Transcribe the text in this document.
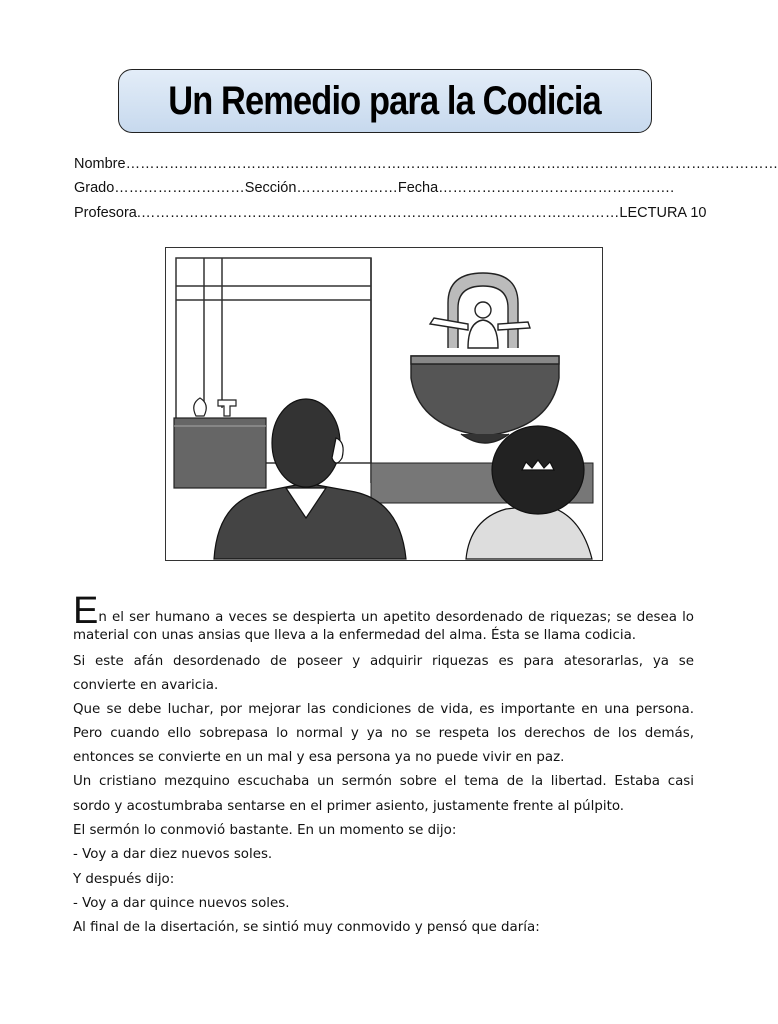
Un Remedio para la Codicia
Nombre………………………………………………………………………………………………………………………
Grado………………………Sección…………………Fecha………………………………………….
Profesora.……………………………………………………………………………………… LECTURA 10
En el ser humano a veces se despierta un apetito desordenado de riquezas; se desea lo
material con unas ansias que lleva a la enfermedad del alma. Ésta se llama codicia.
Si este afán desordenado de poseer y adquirir riquezas es para atesorarlas, ya se
convierte en avaricia.
Que se debe luchar, por mejorar las condiciones de vida, es importante en una persona.
Pero cuando ello sobrepasa lo normal y ya no se respeta los derechos de los demás,
entonces se convierte en un mal y esa persona ya no puede vivir en paz.
Un cristiano mezquino escuchaba un sermón sobre el tema de la libertad. Estaba casi
sordo y acostumbraba sentarse en el primer asiento, justamente frente al púlpito.
El sermón lo conmovió bastante. En un momento se dijo:
- Voy a dar diez nuevos soles.
Y después dijo:
- Voy a dar quince nuevos soles.
Al final de la disertación, se sintió muy conmovido y pensó que daría:
